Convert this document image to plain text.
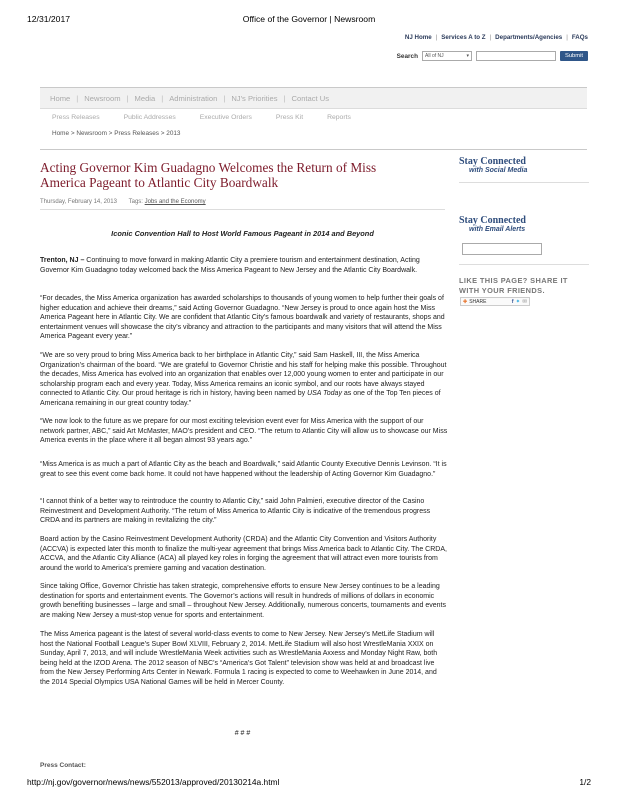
12/31/2017	Office of the Governor | Newsroom
NJ Home | Services A to Z | Departments/Agencies | FAQs
Search All of NJ	▾	Submit
Home | Newsroom | Media | Administration | NJ's Priorities | Contact Us
Press Releases	Public Addresses	Executive Orders	Press Kit	Reports
Home > Newsroom > Press Releases > 2013
Acting Governor Kim Guadagno Welcomes the Return of Miss America Pageant to Atlantic City Boardwalk
Thursday, February 14, 2013 Tags: Jobs and the Economy
Iconic Convention Hall to Host World Famous Pageant in 2014 and Beyond
Trenton, NJ – Continuing to move forward in making Atlantic City a premiere tourism and entertainment destination, Acting Governor Kim Guadagno today welcomed back the Miss America Pageant to New Jersey and the Atlantic City Boardwalk.
“For decades, the Miss America organization has awarded scholarships to thousands of young women to help further their goals of higher education and achieve their dreams,” said Acting Governor Guadagno. “New Jersey is proud to once again host the Miss America Pageant here in Atlantic City. We are confident that Atlantic City’s famous boardwalk and variety of restaurants, shops and entertainment venues will showcase the city’s vibrancy and attraction to the participants and many visitors that will attend the Miss America Pageant every year.”
“We are so very proud to bring Miss America back to her birthplace in Atlantic City,” said Sam Haskell, III, the Miss America Organization’s chairman of the board. “We are grateful to Governor Christie and his staff for helping make this possible. Throughout the decades, Miss America has evolved into an organization that enables over 12,000 young women to enter and participate in our scholarship program each and every year. Today, Miss America remains an iconic symbol, and our roots have always stayed connected to Atlantic City. Our proud heritage is rich in history, having been named by USA Today as one of the Top Ten pieces of Americana remaining in our great country today.”
“We now look to the future as we prepare for our most exciting television event ever for Miss America with the support of our network partner, ABC,” said Art McMaster, MAO’s president and CEO. “The return to Atlantic City will allow us to showcase our Miss America events in the place where it all began almost 93 years ago.”
“Miss America is as much a part of Atlantic City as the beach and Boardwalk,” said Atlantic County Executive Dennis Levinson. “It is great to see this event come back home. It could not have happened without the leadership of Acting Governor Kim Guadagno.”
“I cannot think of a better way to reintroduce the country to Atlantic City,” said John Palmieri, executive director of the Casino Reinvestment and Development Authority. “The return of Miss America to Atlantic City is indicative of the tremendous progress CRDA and its partners are making in revitalizing the city.”
Board action by the Casino Reinvestment Development Authority (CRDA) and the Atlantic City Convention and Visitors Authority (ACCVA) is expected later this month to finalize the multi-year agreement that brings Miss America back to Atlantic City. The CRDA, ACCVA, and the Atlantic City Alliance (ACA) all played key roles in forging the agreement that will attract even more tourists from around the world to America’s premiere gaming and vacation destination.
Since taking Office, Governor Christie has taken strategic, comprehensive efforts to ensure New Jersey continues to be a leading destination for sports and entertainment events. The Governor’s actions will result in hundreds of millions of dollars in economic growth benefiting businesses – large and small – throughout New Jersey. Additionally, numerous concerts, tournaments and events are making New Jersey a must-stop venue for sports and entertainment.
The Miss America pageant is the latest of several world-class events to come to New Jersey. New Jersey’s MetLife Stadium will host the National Football League’s Super Bowl XLVIII, February 2, 2014. MetLife Stadium will also host WrestleMania XXIX on Sunday, April 7, 2013, and will include WrestleMania Week activities such as WrestleMania Axxess and Monday Night Raw, both being held at the IZOD Arena. The 2012 season of NBC’s “America’s Got Talent” television show was held at and broadcast live from the New Jersey Performing Arts Center in Newark. Formula 1 racing is expected to come to Weehawken in June 2014, and the 2014 Special Olympics USA National Games will be held in Mercer County.
# # #
Press Contact:
Stay Connected
with Social Media
Stay Connected
with Email Alerts
LIKE THIS PAGE? SHARE IT
WITH YOUR FRIENDS.
✚ SHARE	f ✦ ✉
http://nj.gov/governor/news/news/552013/approved/20130214a.html	1/2
